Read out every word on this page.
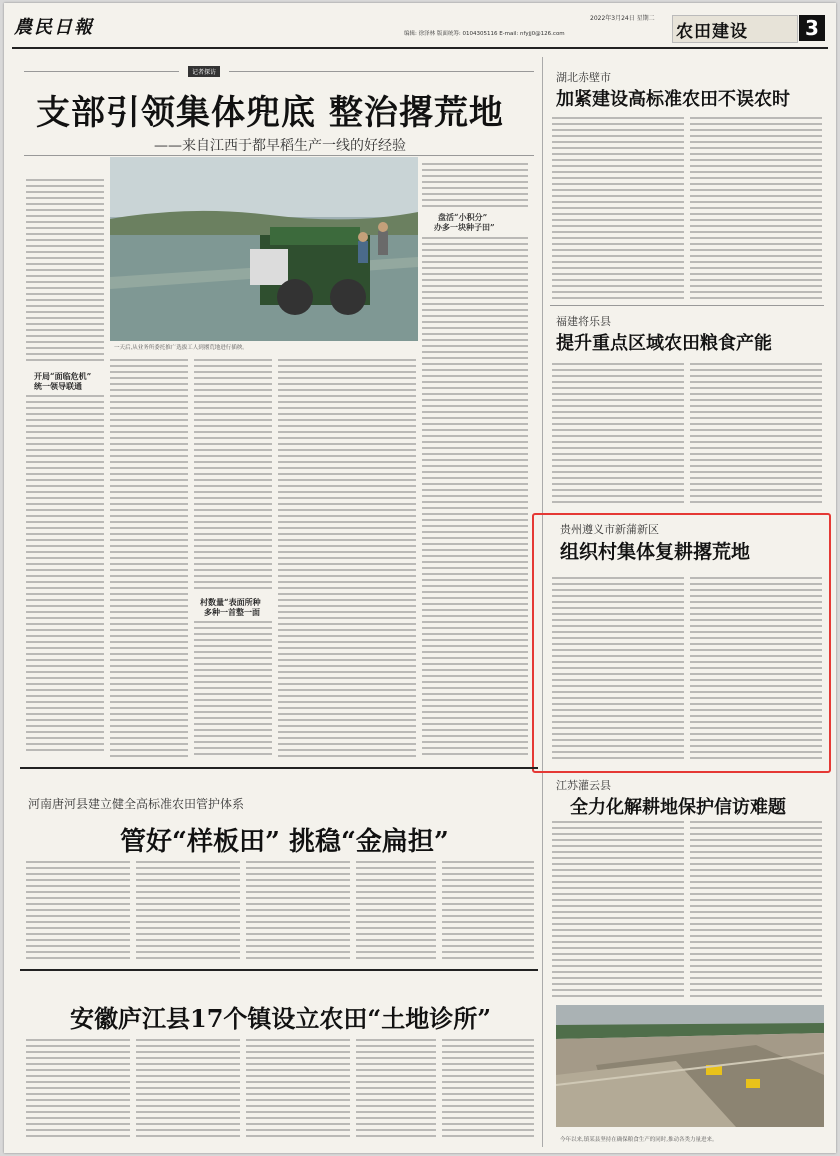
農民日報	2022年3月24日 星期二
编辑: 徐泽林 版面统筹: 0104305116 E-mail: nfyjj0@126.com	农田建设	3
记者探访
支部引领集体兜底 整治撂荒地
——来自江西于都早稻生产一线的好经验
开局“面临危机”
统一领导联通
一天后,从业务所委托推广选拔工人到撂荒地进行插秧。
盘活“小积分”
办多一块种子田”
村数量“表面所种
多种一首整一面
湖北赤壁市
加紧建设高标准农田不误农时
福建将乐县
提升重点区域农田粮食产能
贵州遵义市新蒲新区
组织村集体复耕撂荒地
江苏灌云县
全力化解耕地保护信访难题
今年以来,镇某县坚持在确保粮食生产的同时,推动各类力量进来。
河南唐河县建立健全高标准农田管护体系
管好“样板田” 挑稳“金扁担”
安徽庐江县17个镇设立农田“土地诊所”
